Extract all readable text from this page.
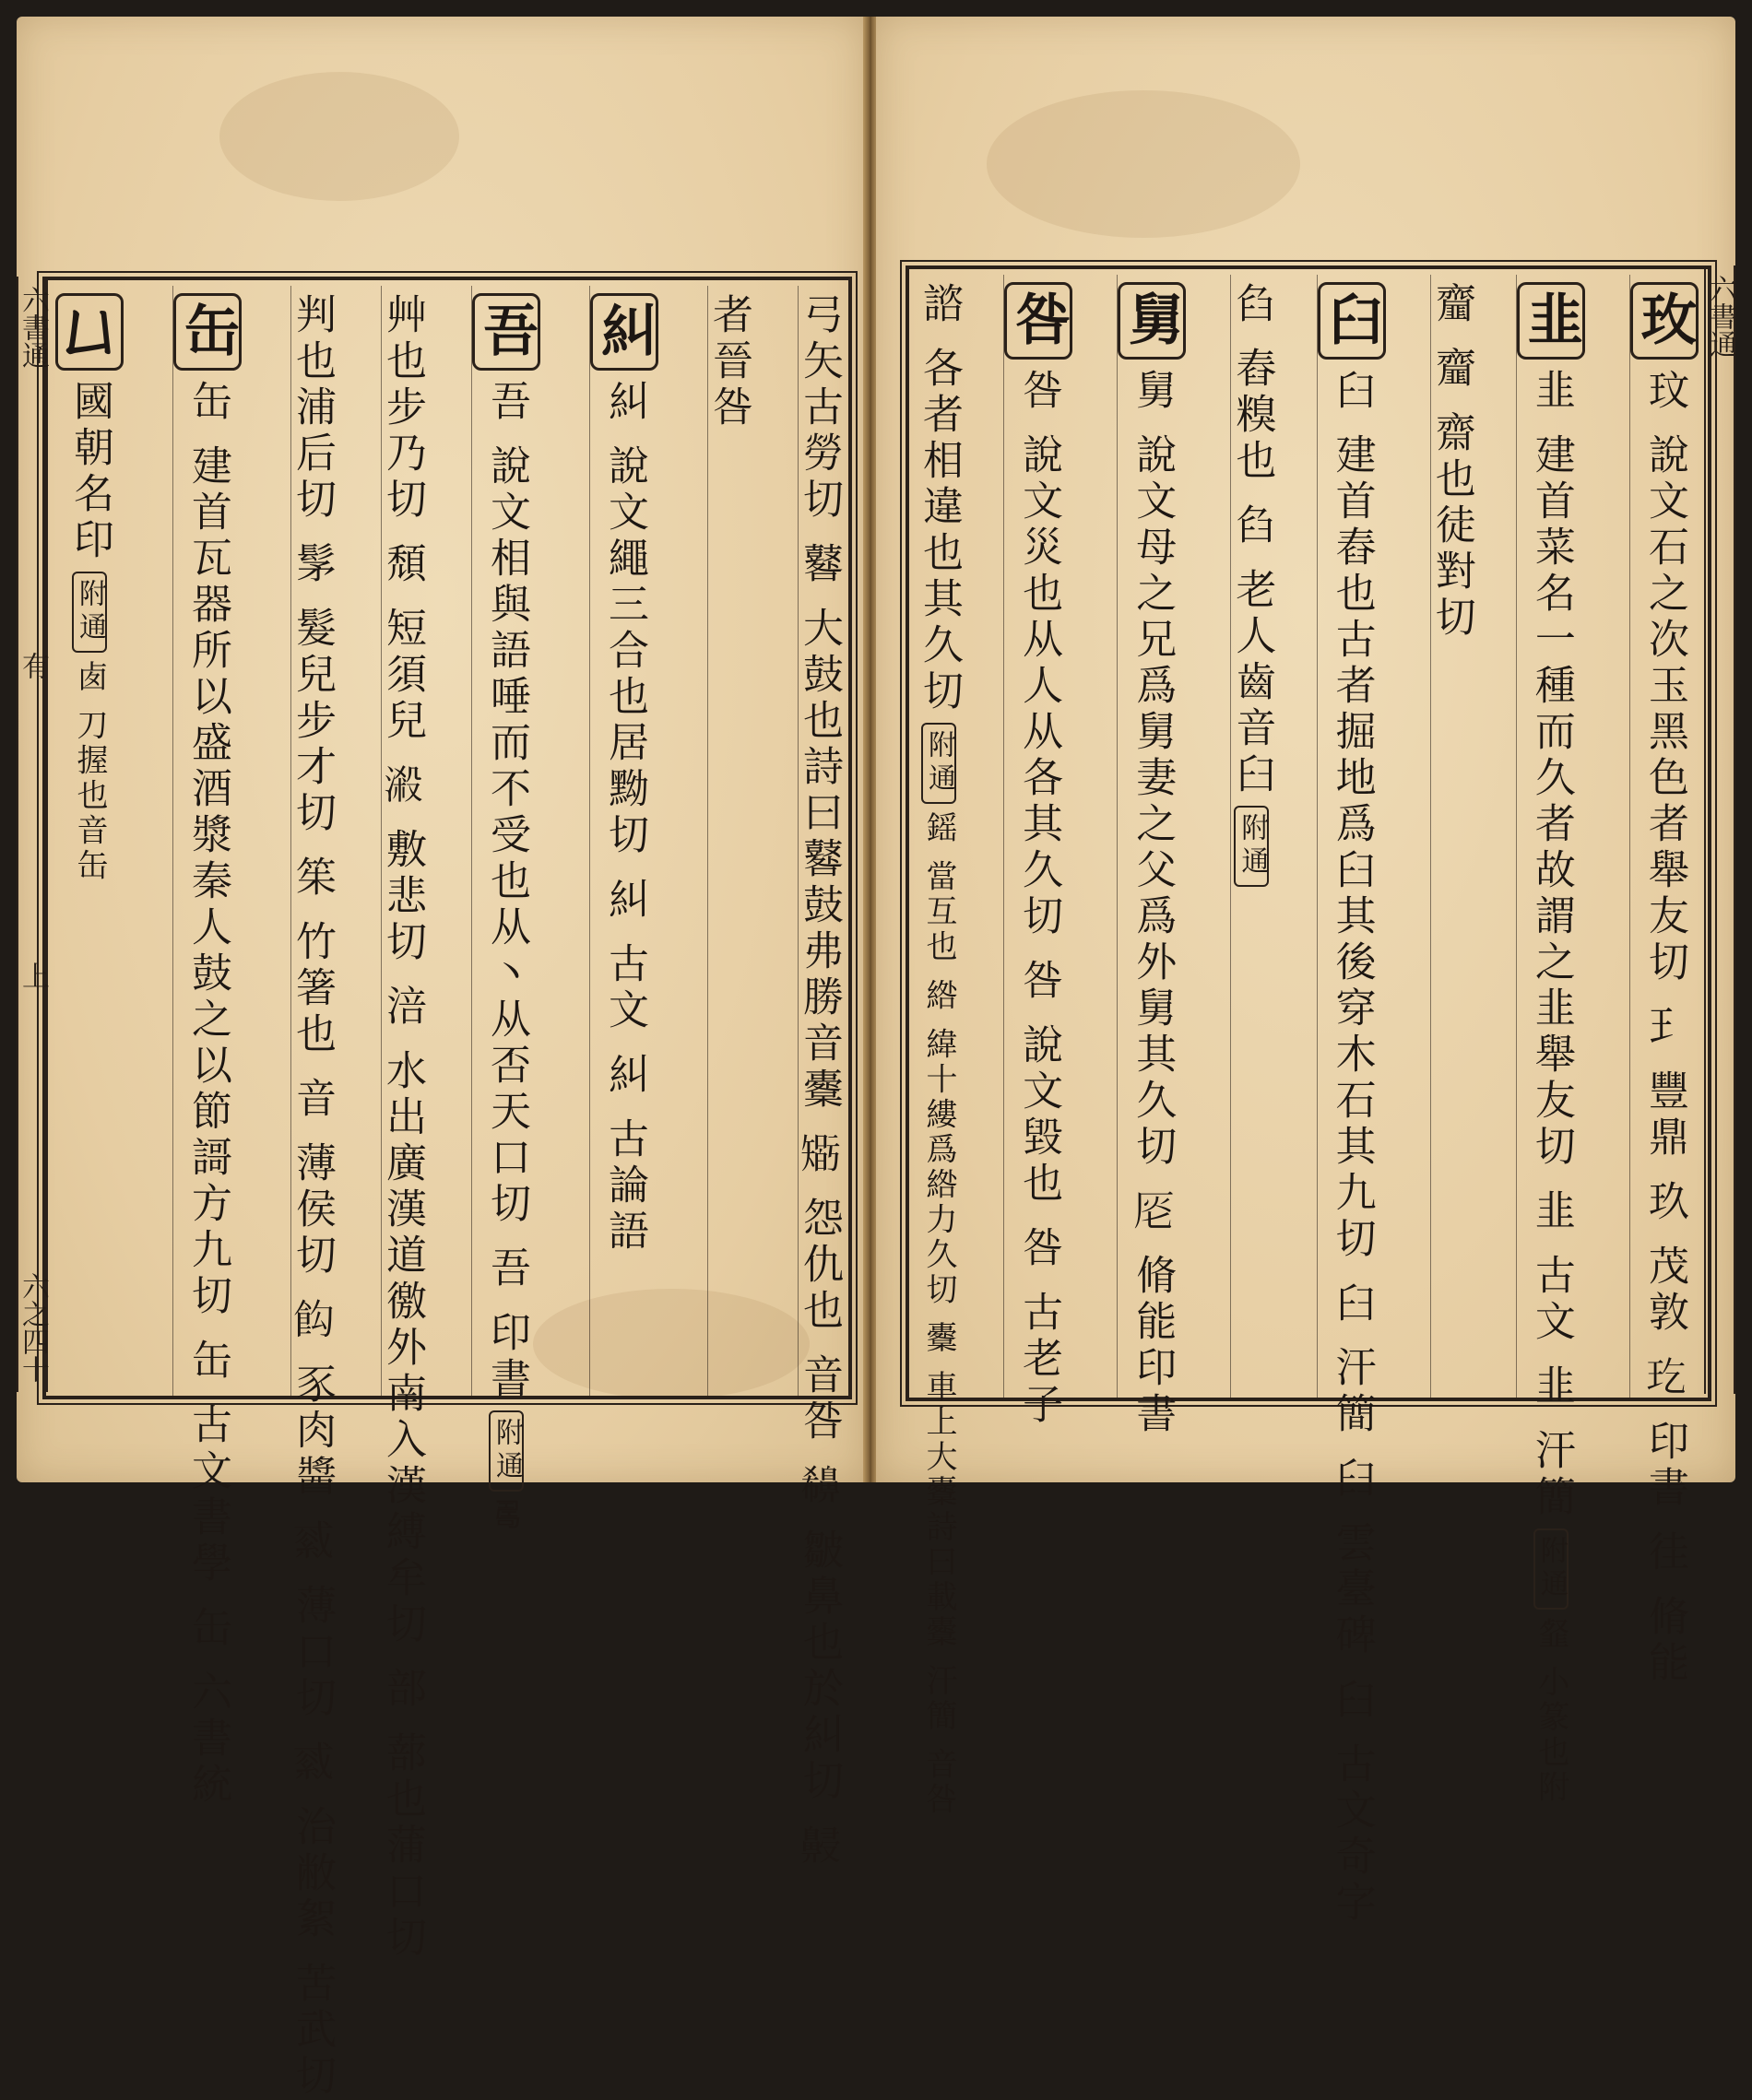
弓矢古勞切 鼛 大鼓也詩曰鼛鼓弗勝音櫜 𥏼 怨仇也 音咎 𪖪 皺鼻也於糾切 𪖧
者晉咎
糾糾 說文繩三合也居黝切 糾 古文 糾 古論語
吾吾 說文相與語唾而不受也从丶从否天口切 吾 印書附通𠷎
艸也步乃切 頹 短須兒 𣻑 敷悲切 涪 水出廣漢道徼外南入漢縛牟切 部 蔀也蒲口切
判也浦后切 髳 髮兒步才切 䇬 竹箸也 音 薄侯切 𩚘 豕肉醬 𦁓 薄口切 𦁓 治敝絮 苦武切
缶缶 建首瓦器所以盛酒漿秦人鼓之以節謌方九切 缶 古文書學 缶 六書統
𠙴國朝名印附通𠧧 刀握也音缶
六書通
有
上
六之四十
玫玟 說文石之次玉黑色者舉友切 𤣩 豐鼎 玖 茂敦 𤣮 印書 徍 脩能
韭韭 建首菜名一種而久者故謂之韭舉友切 韭 古文 韭 汗簡附通韰 小篆也附
齏 齏 齋也徒對切
臼臼 建首舂也古者掘地爲臼其後穿木石其九切 臼 汗簡 𦥑 雲臺碑 臼 古文奇字
臽 舂糗也 臽 老人齒音臼附通
舅舅 說文母之兄爲舅妻之父爲外舅其久切 𠩔 脩能印書
咎咎 說文災也从人从各其久切 咎 說文毀也 咎 古老子
諮 各者相違也其久切附通鎐 當互也 綹 緯十縷爲綹力久切 櫜 車上大櫜詩曰載櫜 汗簡 音咎
六書通
